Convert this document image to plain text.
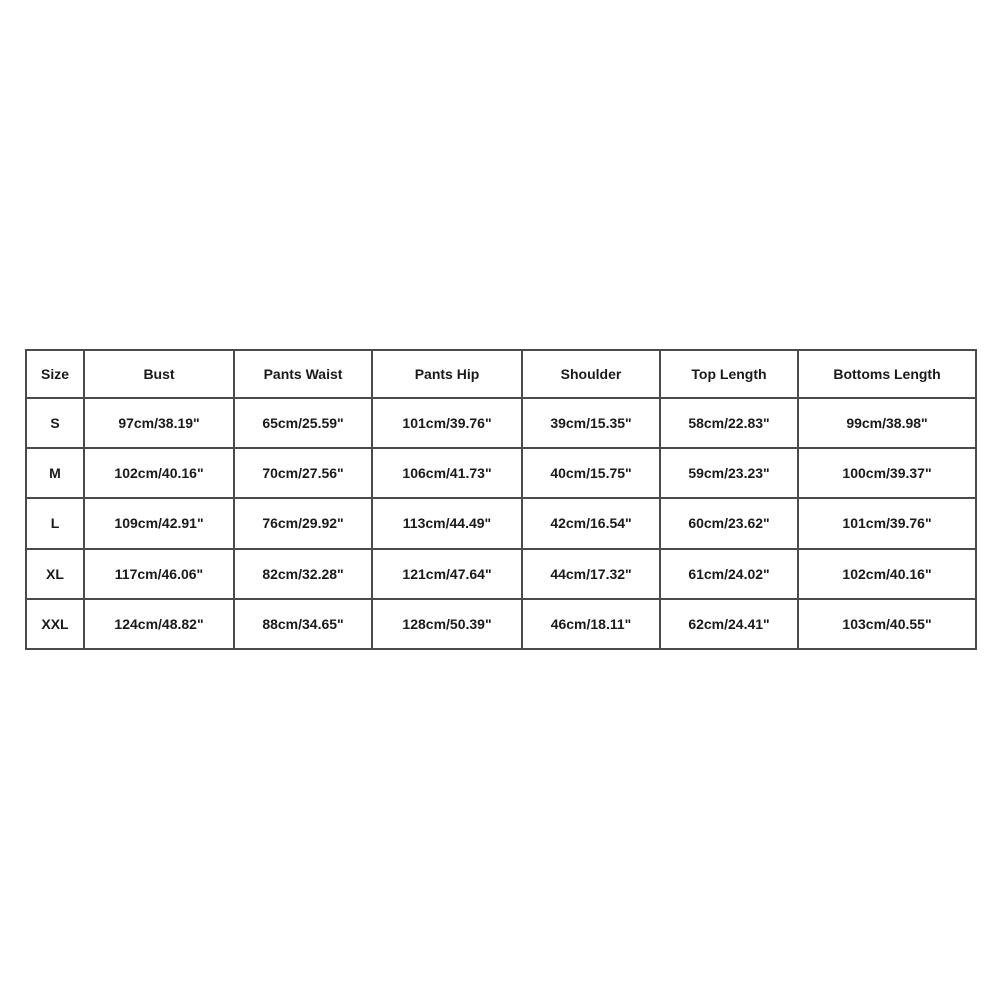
Size	Bust	Pants Waist	Pants Hip	Shoulder	Top Length	Bottoms Length
S	97cm/38.19"	65cm/25.59"	101cm/39.76"	39cm/15.35"	58cm/22.83"	99cm/38.98"
M	102cm/40.16"	70cm/27.56"	106cm/41.73"	40cm/15.75"	59cm/23.23"	100cm/39.37"
L	109cm/42.91"	76cm/29.92"	113cm/44.49"	42cm/16.54"	60cm/23.62"	101cm/39.76"
XL	117cm/46.06"	82cm/32.28"	121cm/47.64"	44cm/17.32"	61cm/24.02"	102cm/40.16"
XXL	124cm/48.82"	88cm/34.65"	128cm/50.39"	46cm/18.11"	62cm/24.41"	103cm/40.55"
